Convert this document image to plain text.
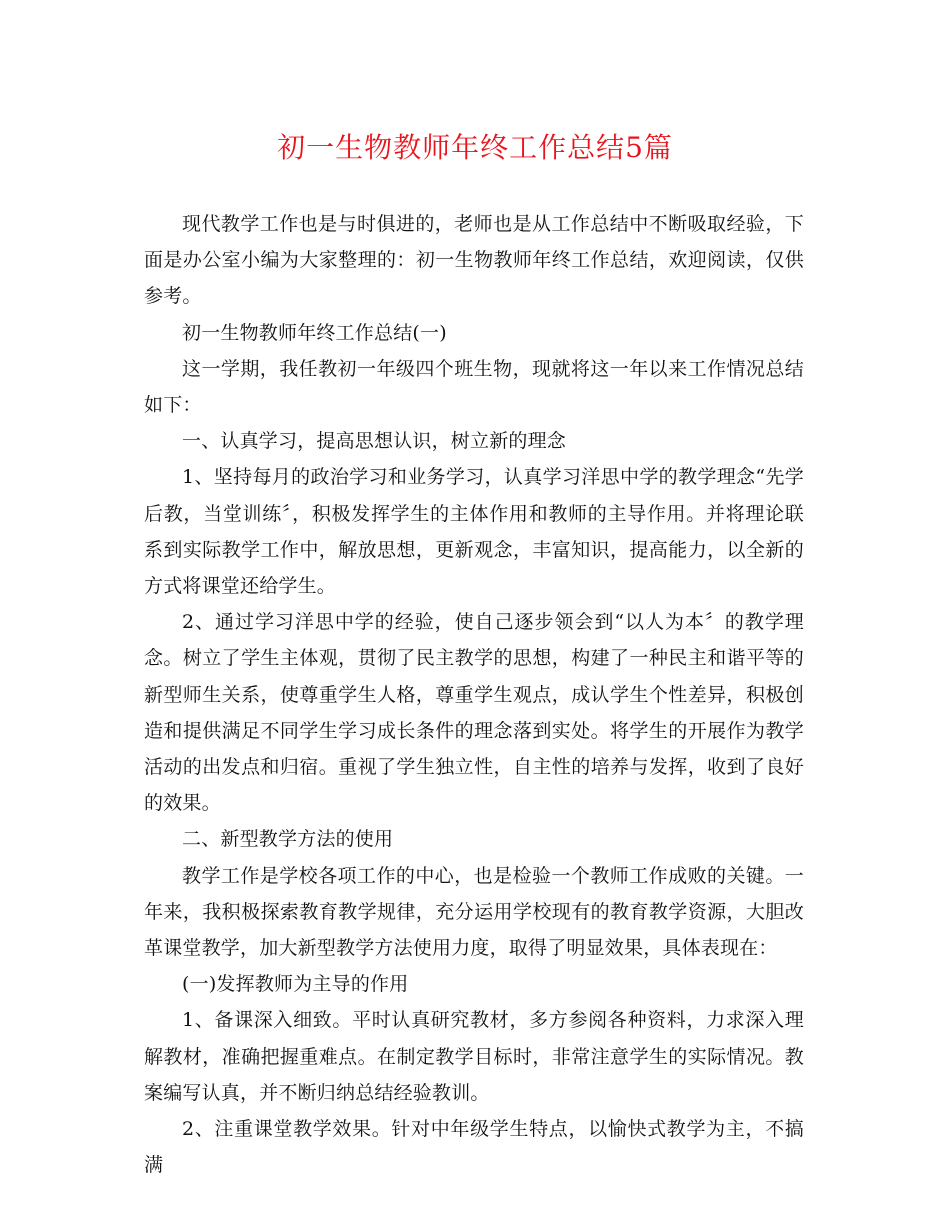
初一生物教师年终工作总结5篇

现代教学工作也是与时俱进的，老师也是从工作总结中不断吸取经验，下面是办公室小编为大家整理的：初一生物教师年终工作总结，欢迎阅读，仅供参考。

初一生物教师年终工作总结(一)

这一学期，我任教初一年级四个班生物，现就将这一年以来工作情况总结如下：

一、认真学习，提高思想认识，树立新的理念

1、坚持每月的政治学习和业务学习，认真学习洋思中学的教学理念“先学后教，当堂训练〞，积极发挥学生的主体作用和教师的主导作用。并将理论联系到实际教学工作中，解放思想，更新观念，丰富知识，提高能力，以全新的方式将课堂还给学生。

2、通过学习洋思中学的经验，使自己逐步领会到“以人为本〞的教学理念。树立了学生主体观，贯彻了民主教学的思想，构建了一种民主和谐平等的新型师生关系，使尊重学生人格，尊重学生观点，成认学生个性差异，积极创造和提供满足不同学生学习成长条件的理念落到实处。将学生的开展作为教学活动的出发点和归宿。重视了学生独立性，自主性的培养与发挥，收到了良好的效果。

二、新型教学方法的使用

教学工作是学校各项工作的中心，也是检验一个教师工作成败的关键。一年来，我积极探索教育教学规律，充分运用学校现有的教育教学资源，大胆改革课堂教学，加大新型教学方法使用力度，取得了明显效果，具体表现在：

(一)发挥教师为主导的作用

1、备课深入细致。平时认真研究教材，多方参阅各种资料，力求深入理解教材，准确把握重难点。在制定教学目标时，非常注意学生的实际情况。教案编写认真，并不断归纳总结经验教训。

2、注重课堂教学效果。针对中年级学生特点，以愉快式教学为主，不搞满
